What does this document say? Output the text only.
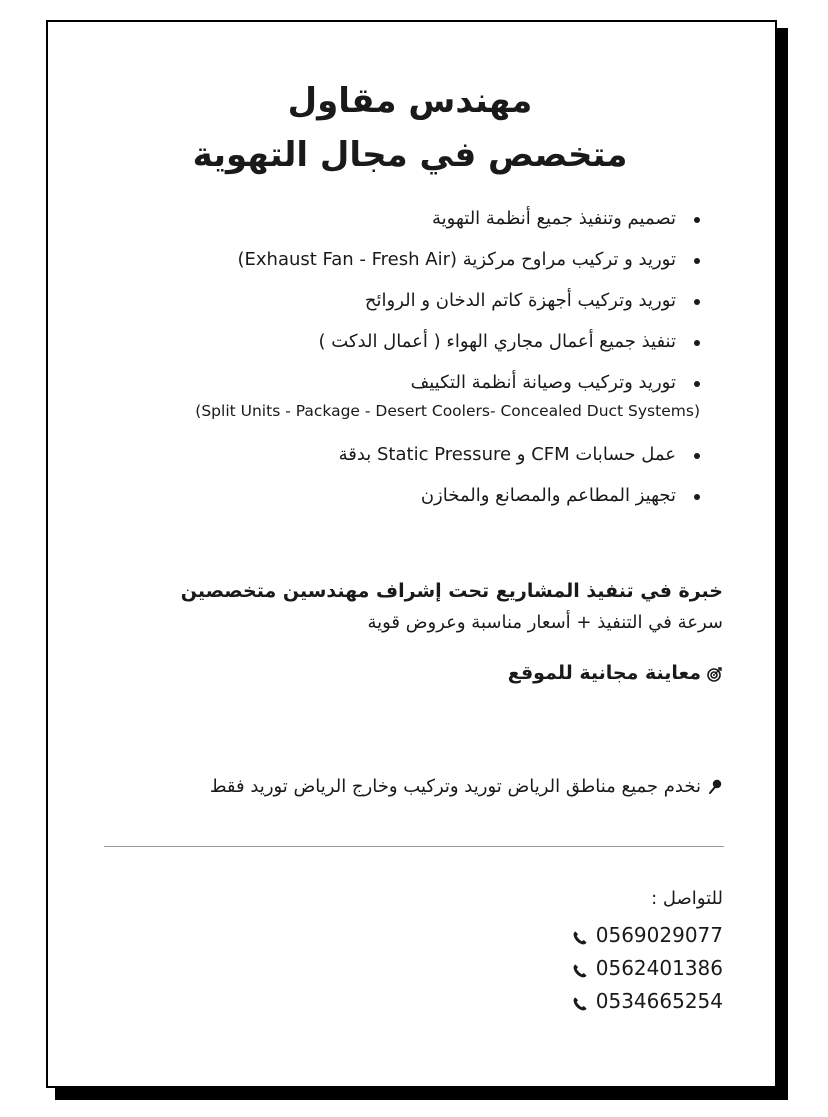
مهندس مقاول
متخصص في مجال التهوية
تصميم وتنفيذ جميع أنظمة التهوية
توريد و تركيب مراوح مركزية (Exhaust Fan - Fresh Air)
توريد وتركيب أجهزة كاتم الدخان و الروائح
تنفيذ جميع أعمال مجاري الهواء ( أعمال الدكت )
توريد وتركيب وصيانة أنظمة التكييف
(Split Units - Package - Desert Coolers- Concealed Duct Systems)
عمل حسابات CFM و Static Pressure بدقة
تجهيز المطاعم والمصانع والمخازن
خبرة في تنفيذ المشاريع تحت إشراف مهندسين متخصصين
سرعة في التنفيذ + أسعار مناسبة وعروض قوية
معاينة مجانية للموقع
نخدم جميع مناطق الرياض توريد وتركيب وخارج الرياض توريد فقط
للتواصل :
0569029077
0562401386
0534665254
